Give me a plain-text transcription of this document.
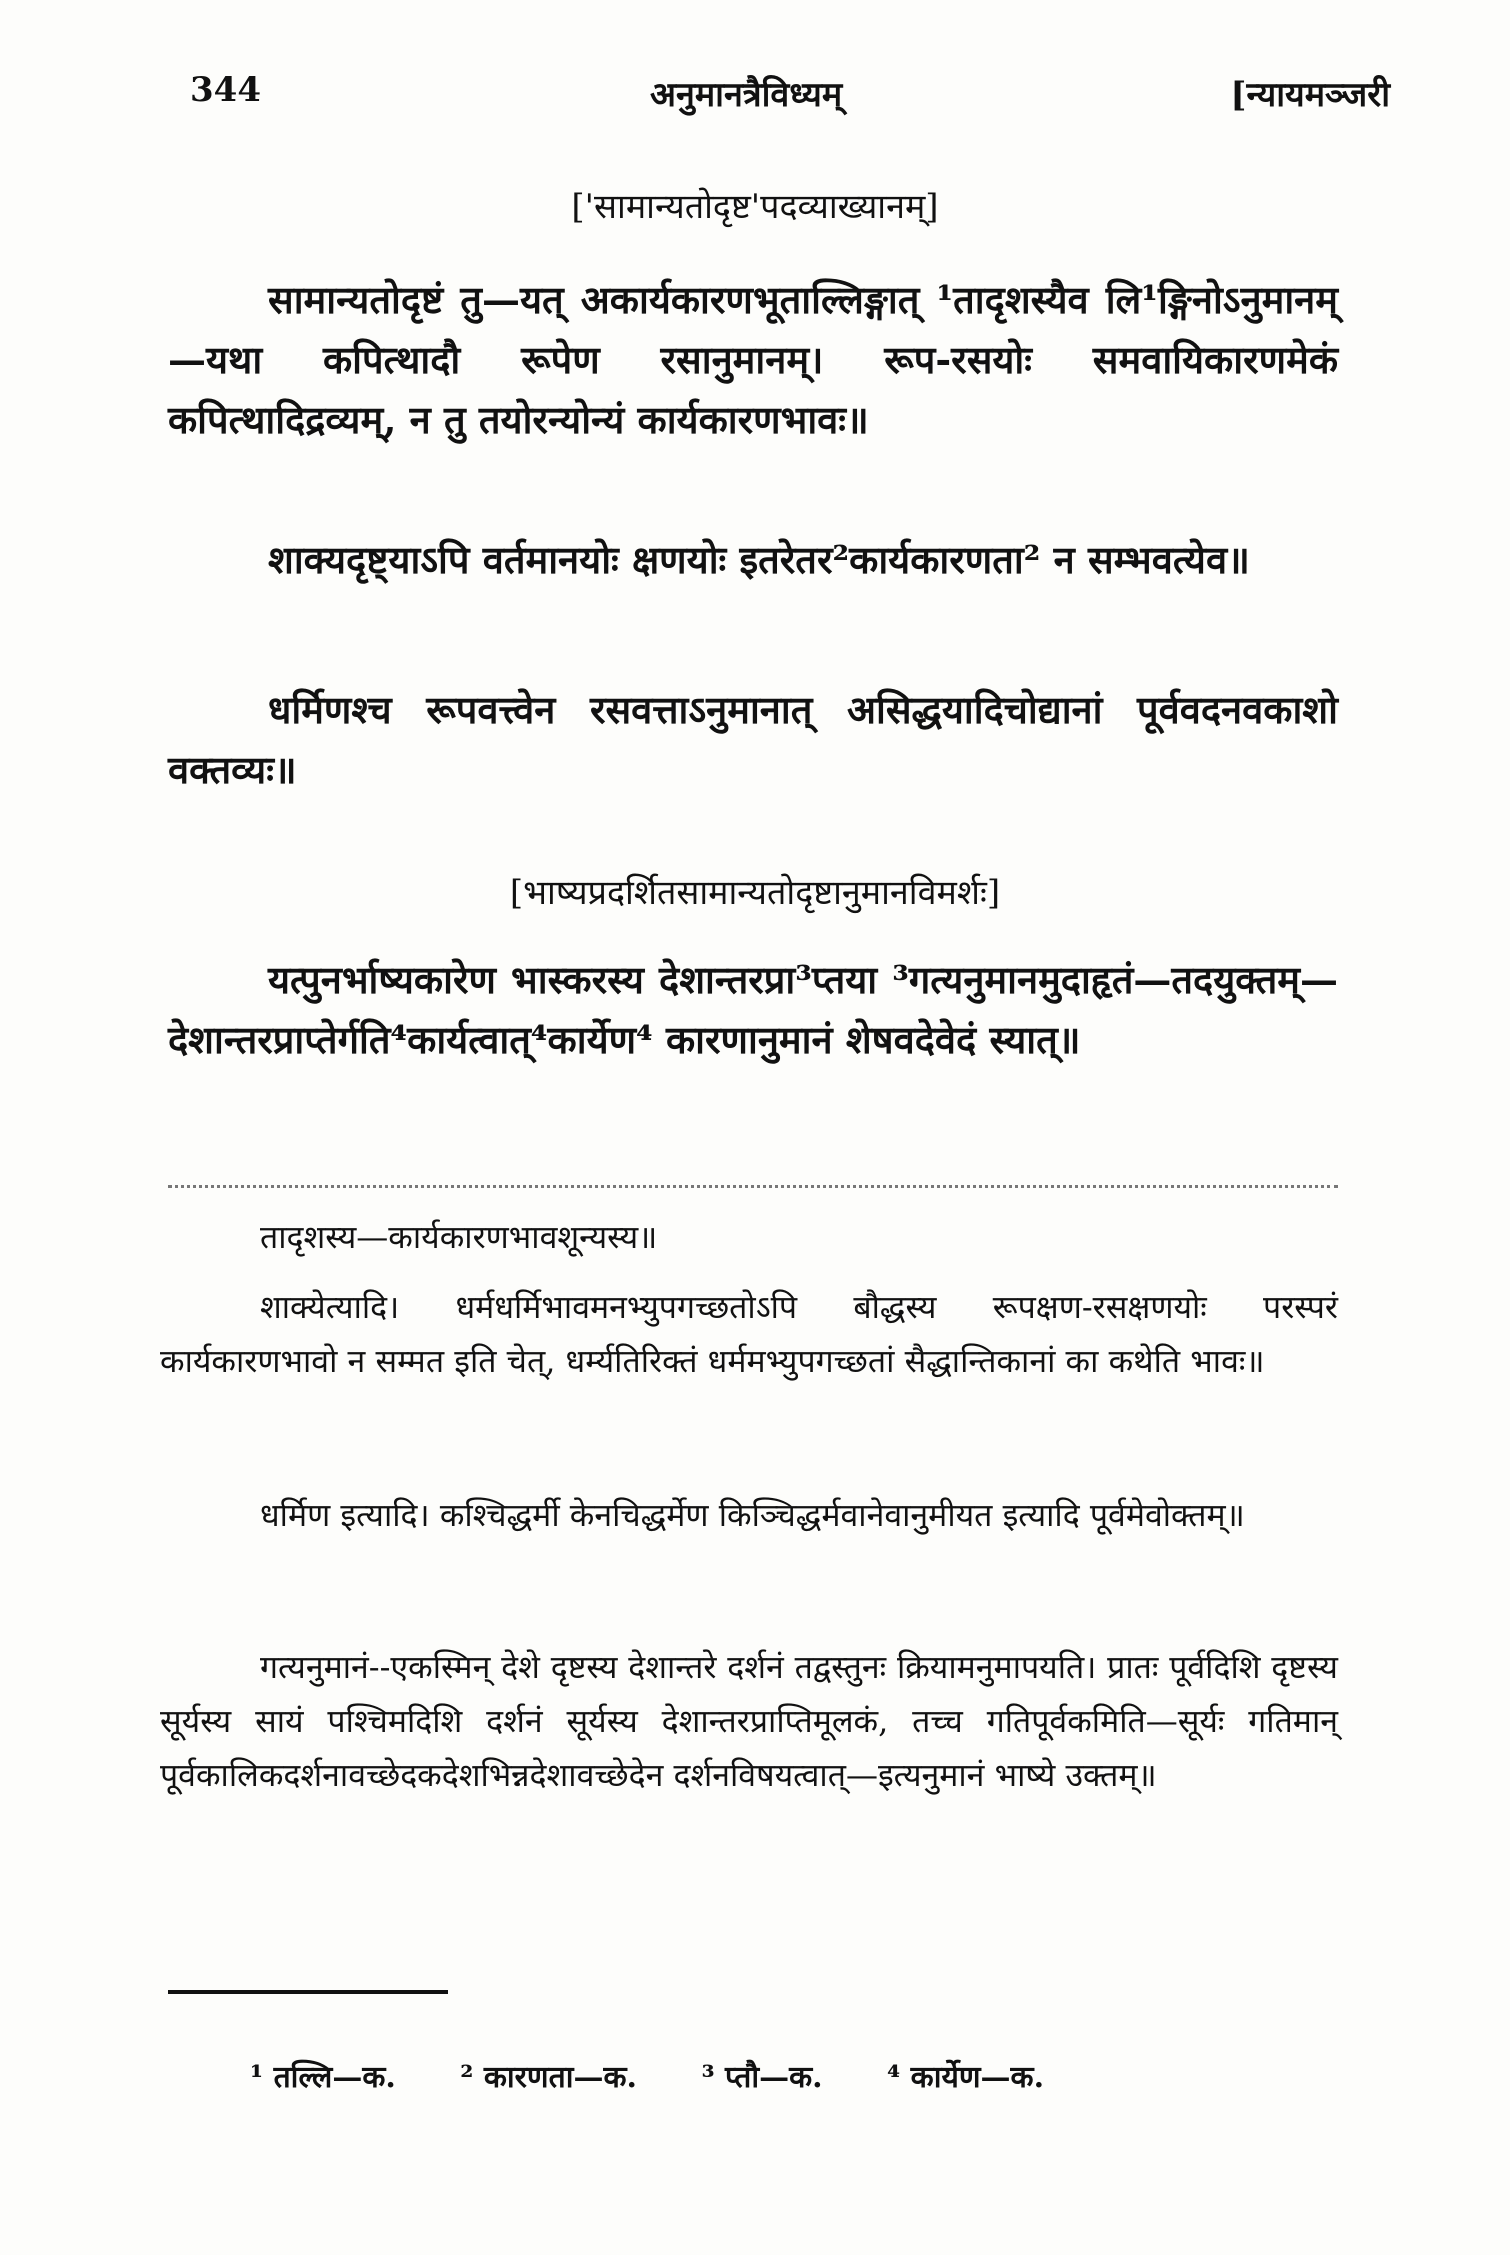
344	अनुमानत्रैविध्यम्	[न्यायमञ्जरी
['सामान्यतोदृष्ट'पदव्याख्यानम्]
सामान्यतोदृष्टं तु—यत् अकार्यकारणभूताल्लिङ्गात् ¹तादृशस्यैव लि¹ङ्गिनोऽनुमानम्—यथा कपित्थादौ रूपेण रसानुमानम्। रूप-रसयोः समवायिकारणमेकं कपित्थादिद्रव्यम्, न तु तयोरन्योन्यं कार्यकारणभावः॥
शाक्यदृष्ट्याऽपि वर्तमानयोः क्षणयोः इतरेतर²कार्यकारणता² न सम्भवत्येव॥
धर्मिणश्च रूपवत्त्वेन रसवत्ताऽनुमानात् असिद्धयादिचोद्यानां पूर्ववदनवकाशो वक्तव्यः॥
[भाष्यप्रदर्शितसामान्यतोदृष्टानुमानविमर्शः]
यत्पुनर्भाष्यकारेण भास्करस्य देशान्तरप्रा³प्तया ³गत्यनुमानमुदाहृतं—तदयुक्तम्—देशान्तरप्राप्तेर्गति⁴कार्यत्वात्⁴कार्येण⁴ कारणानुमानं शेषवदेवेदं स्यात्॥
तादृशस्य—कार्यकारणभावशून्यस्य॥
शाक्येत्यादि। धर्मधर्मिभावमनभ्युपगच्छतोऽपि बौद्धस्य रूपक्षण-रसक्षणयोः परस्परं कार्यकारणभावो न सम्मत इति चेत्, धर्म्यतिरिक्तं धर्ममभ्युपगच्छतां सैद्धान्तिकानां का कथेति भावः॥
धर्मिण इत्यादि। कश्चिद्धर्मी केनचिद्धर्मेण किञ्चिद्धर्मवानेवानुमीयत इत्यादि पूर्वमेवोक्तम्॥
गत्यनुमानं--एकस्मिन् देशे दृष्टस्य देशान्तरे दर्शनं तद्वस्तुनः क्रियामनुमापयति। प्रातः पूर्वदिशि दृष्टस्य सूर्यस्य सायं पश्चिमदिशि दर्शनं सूर्यस्य देशान्तरप्राप्तिमूलकं, तच्च गतिपूर्वकमिति—सूर्यः गतिमान् पूर्वकालिकदर्शनावच्छेदकदेशभिन्नदेशावच्छेदेन दर्शनविषयत्वात्—इत्यनुमानं भाष्ये उक्तम्॥
¹ तल्लि—क. ² कारणता—क. ³ प्तौ—क. ⁴ कार्येण—क.
